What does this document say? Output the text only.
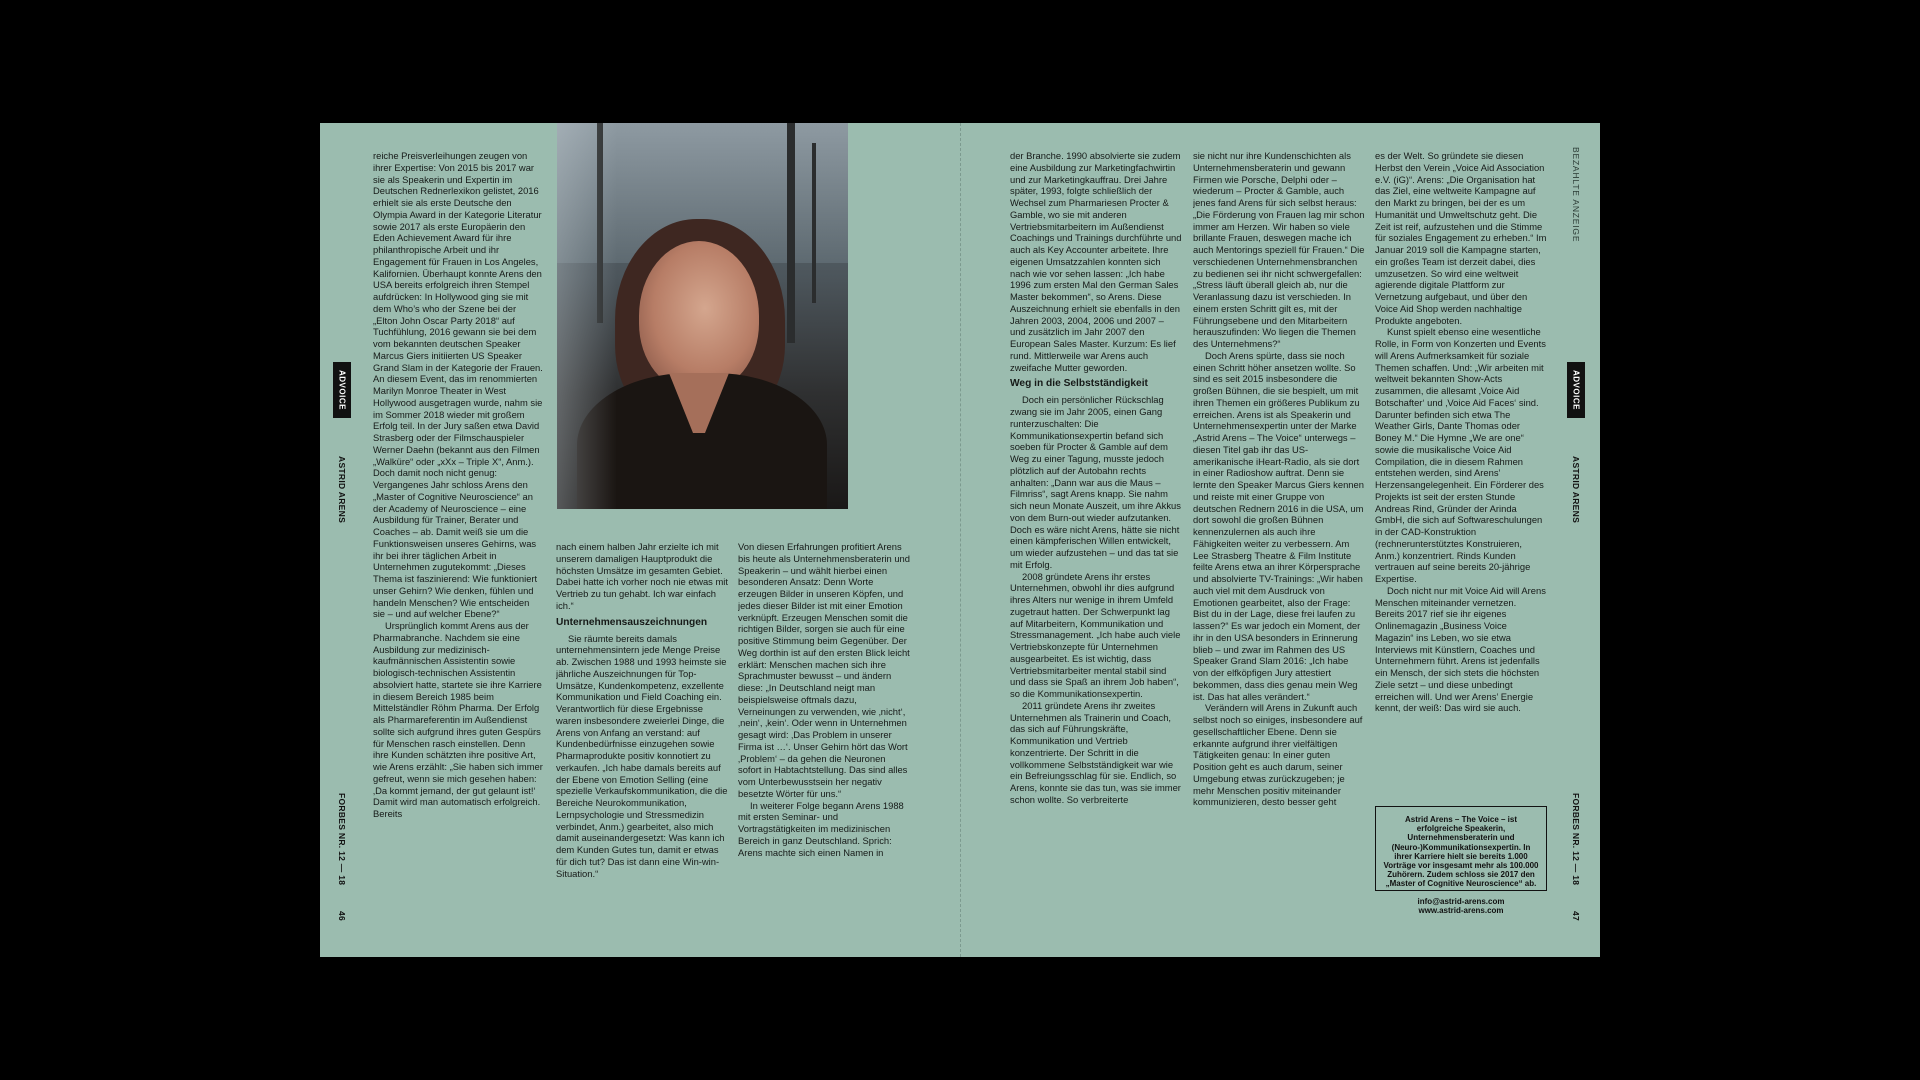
ADVOICE
ASTRID ARENS
FORBES NR. 12 — 18
46
BEZAHLTE ANZEIGE
ADVOICE
ASTRID ARENS
FORBES NR. 12 — 18
47

reiche Preisverleihungen zeugen von ihrer Expertise: Von 2015 bis 2017 war sie als Speakerin und Expertin im Deutschen Rednerlexikon gelistet, 2016 erhielt sie als erste Deutsche den Olympia Award in der Kategorie Literatur sowie 2017 als erste Europäerin den Eden Achievement Award für ihre philanthropische Arbeit und ihr Engagement für Frauen in Los Angeles, Kalifornien. Überhaupt konnte Arens den USA bereits erfolgreich ihren Stempel aufdrücken: In Hollywood ging sie mit dem Who’s who der Szene bei der „Elton John Oscar Party 2018“ auf Tuchfühlung, 2016 gewann sie bei dem vom bekannten deutschen Speaker Marcus Giers initiierten US Speaker Grand Slam in der Kategorie der Frauen. An diesem Event, das im renommierten Marilyn Monroe Theater in West Hollywood ausgetragen wurde, nahm sie im Sommer 2018 wieder mit großem Erfolg teil. In der Jury saßen etwa David Strasberg oder der Filmschauspieler Werner Daehn (bekannt aus den Filmen „Walküre“ oder „xXx – Triple X“, Anm.). Doch damit noch nicht genug: Vergangenes Jahr schloss Arens den „Master of Cognitive Neuroscience“ an der Academy of Neuroscience – eine Ausbildung für Trainer, Berater und Coaches – ab. Damit weiß sie um die Funktionsweisen unseres Gehirns, was ihr bei ihrer täglichen Arbeit in Unternehmen zugutekommt: „Dieses Thema ist faszinierend: Wie funktioniert unser Gehirn? Wie denken, fühlen und handeln Menschen? Wie entscheiden sie – und auf welcher Ebene?“

Ursprünglich kommt Arens aus der Pharmabranche. Nachdem sie eine Ausbildung zur medizinisch-kaufmännischen Assistentin sowie biologisch-technischen Assistentin absolviert hatte, startete sie ihre Karriere in diesem Bereich 1985 beim Mittelständler Röhm Pharma. Der Erfolg als Pharmareferentin im Außendienst sollte sich aufgrund ihres guten Gespürs für Menschen rasch einstellen. Denn ihre Kunden schätzten ihre positive Art, wie Arens erzählt: „Sie haben sich immer gefreut, wenn sie mich gesehen haben: ‚Da kommt jemand, der gut gelaunt ist!‘ Damit wird man automatisch erfolgreich. Bereits

nach einem halben Jahr erzielte ich mit unserem damaligen Hauptprodukt die höchsten Umsätze im gesamten Gebiet. Dabei hatte ich vorher noch nie etwas mit Vertrieb zu tun gehabt. Ich war einfach ich.“

Unternehmensauszeichnungen

Sie räumte bereits damals unternehmensintern jede Menge Preise ab. Zwischen 1988 und 1993 heimste sie jährliche Auszeichnungen für Top-Umsätze, Kundenkompetenz, exzellente Kommunikation und Field Coaching ein. Verantwortlich für diese Ergebnisse waren insbesondere zweierlei Dinge, die Arens von Anfang an verstand: auf Kundenbedürfnisse einzugehen sowie Pharmaprodukte positiv konnotiert zu verkaufen. „Ich habe damals bereits auf der Ebene von Emotion Selling (eine spezielle Verkaufskommunikation, die die Bereiche Neurokommunikation, Lernpsychologie und Stressmedizin verbindet, Anm.) gearbeitet, also mich damit auseinandergesetzt: Was kann ich dem Kunden Gutes tun, damit er etwas für dich tut? Das ist dann eine Win-win-Situation.“

Von diesen Erfahrungen profitiert Arens bis heute als Unternehmensberaterin und Speakerin – und wählt hierbei einen besonderen Ansatz: Denn Worte erzeugen Bilder in unseren Köpfen, und jedes dieser Bilder ist mit einer Emotion verknüpft. Erzeugen Menschen somit die richtigen Bilder, sorgen sie auch für eine positive Stimmung beim Gegenüber. Der Weg dorthin ist auf den ersten Blick leicht erklärt: Menschen machen sich ihre Sprachmuster bewusst – und ändern diese: „In Deutschland neigt man beispielsweise oftmals dazu, Verneinungen zu verwenden, wie ‚nicht‘, ‚nein‘, ‚kein‘. Oder wenn in Unternehmen gesagt wird: ‚Das Problem in unserer Firma ist …‘. Unser Gehirn hört das Wort ‚Problem‘ – da gehen die Neuronen sofort in Habtachtstellung. Das sind alles vom Unterbewusstsein her negativ besetzte Wörter für uns.“

In weiterer Folge begann Arens 1988 mit ersten Seminar- und Vortragstätigkeiten im medizinischen Bereich in ganz Deutschland. Sprich: Arens machte sich einen Namen in

der Branche. 1990 absolvierte sie zudem eine Ausbildung zur Marketingfachwirtin und zur Marketingkauffrau. Drei Jahre später, 1993, folgte schließlich der Wechsel zum Pharmariesen Procter & Gamble, wo sie mit anderen Vertriebsmitarbeitern im Außendienst Coachings und Trainings durchführte und auch als Key Accounter arbeitete. Ihre eigenen Umsatzzahlen konnten sich nach wie vor sehen lassen: „Ich habe 1996 zum ersten Mal den German Sales Master bekommen“, so Arens. Diese Auszeichnung erhielt sie ebenfalls in den Jahren 2003, 2004, 2006 und 2007 – und zusätzlich im Jahr 2007 den European Sales Master. Kurzum: Es lief rund. Mittlerweile war Arens auch zweifache Mutter geworden.

Weg in die Selbstständigkeit

Doch ein persönlicher Rückschlag zwang sie im Jahr 2005, einen Gang runterzuschalten: Die Kommunikationsexpertin befand sich soeben für Procter & Gamble auf dem Weg zu einer Tagung, musste jedoch plötzlich auf der Autobahn rechts anhalten: „Dann war aus die Maus – Filmriss“, sagt Arens knapp. Sie nahm sich neun Monate Auszeit, um ihre Akkus von dem Burn-out wieder aufzutanken. Doch es wäre nicht Arens, hätte sie nicht einen kämpferischen Willen entwickelt, um wieder aufzustehen – und das tat sie mit Erfolg.

2008 gründete Arens ihr erstes Unternehmen, obwohl ihr dies aufgrund ihres Alters nur wenige in ihrem Umfeld zugetraut hatten. Der Schwerpunkt lag auf Mitarbeitern, Kommunikation und Stressmanagement. „Ich habe auch viele Vertriebskonzepte für Unternehmen ausgearbeitet. Es ist wichtig, dass Vertriebsmitarbeiter mental stabil sind und dass sie Spaß an ihrem Job haben“, so die Kommunikationsexpertin.

2011 gründete Arens ihr zweites Unternehmen als Trainerin und Coach, das sich auf Führungskräfte, Kommunikation und Vertrieb konzentrierte. Der Schritt in die vollkommene Selbstständigkeit war wie ein Befreiungsschlag für sie. Endlich, so Arens, konnte sie das tun, was sie immer schon wollte. So verbreiterte

sie nicht nur ihre Kundenschichten als Unternehmensberaterin und gewann Firmen wie Porsche, Delphi oder – wiederum – Procter & Gamble, auch jenes fand Arens für sich selbst heraus: „Die Förderung von Frauen lag mir schon immer am Herzen. Wir haben so viele brillante Frauen, deswegen mache ich auch Mentorings speziell für Frauen.“ Die verschiedenen Unternehmensbranchen zu bedienen sei ihr nicht schwergefallen: „Stress läuft überall gleich ab, nur die Veranlassung dazu ist verschieden. In einem ersten Schritt gilt es, mit der Führungsebene und den Mitarbeitern herauszufinden: Wo liegen die Themen des Unternehmens?“

Doch Arens spürte, dass sie noch einen Schritt höher ansetzen wollte. So sind es seit 2015 insbesondere die großen Bühnen, die sie bespielt, um mit ihren Themen ein größeres Publikum zu erreichen. Arens ist als Speakerin und Unternehmensexpertin unter der Marke „Astrid Arens – The Voice“ unterwegs – diesen Titel gab ihr das US-amerikanische iHeart-Radio, als sie dort in einer Radioshow auftrat. Denn sie lernte den Speaker Marcus Giers kennen und reiste mit einer Gruppe von deutschen Rednern 2016 in die USA, um dort sowohl die großen Bühnen kennenzulernen als auch ihre Fähigkeiten weiter zu verbessern. Am Lee Strasberg Theatre & Film Institute feilte Arens etwa an ihrer Körpersprache und absolvierte TV-Trainings: „Wir haben auch viel mit dem Ausdruck von Emotionen gearbeitet, also der Frage: Bist du in der Lage, diese frei laufen zu lassen?“ Es war jedoch ein Moment, der ihr in den USA besonders in Erinnerung blieb – und zwar im Rahmen des US Speaker Grand Slam 2016: „Ich habe von der elfköpfigen Jury attestiert bekommen, dass dies genau mein Weg ist. Das hat alles verändert.“

Verändern will Arens in Zukunft auch selbst noch so einiges, insbesondere auf gesellschaftlicher Ebene. Denn sie erkannte aufgrund ihrer vielfältigen Tätigkeiten genau: In einer guten Position geht es auch darum, seiner Umgebung etwas zurückzugeben; je mehr Menschen positiv miteinander kommunizieren, desto besser geht

es der Welt. So gründete sie diesen Herbst den Verein „Voice Aid Association e.V. (iG)“. Arens: „Die Organisation hat das Ziel, eine weltweite Kampagne auf den Markt zu bringen, bei der es um Humanität und Umweltschutz geht. Die Zeit ist reif, aufzustehen und die Stimme für soziales Engagement zu erheben.“ Im Januar 2019 soll die Kampagne starten, ein großes Team ist derzeit dabei, dies umzusetzen. So wird eine weltweit agierende digitale Plattform zur Vernetzung aufgebaut, und über den Voice Aid Shop werden nachhaltige Produkte angeboten.

Kunst spielt ebenso eine wesentliche Rolle, in Form von Konzerten und Events will Arens Aufmerksamkeit für soziale Themen schaffen. Und: „Wir arbeiten mit weltweit bekannten Show-Acts zusammen, die allesamt ‚Voice Aid Botschafter‘ und ‚Voice Aid Faces‘ sind. Darunter befinden sich etwa The Weather Girls, Dante Thomas oder Boney M.“ Die Hymne „We are one“ sowie die musikalische Voice Aid Compilation, die in diesem Rahmen entstehen werden, sind Arens’ Herzensangelegenheit. Ein Förderer des Projekts ist seit der ersten Stunde Andreas Rind, Gründer der Arinda GmbH, die sich auf Softwareschulungen in der CAD-Konstruktion (rechnerunterstütztes Konstruieren, Anm.) konzentriert. Rinds Kunden vertrauen auf seine bereits 20-jährige Expertise.

Doch nicht nur mit Voice Aid will Arens Menschen miteinander vernetzen. Bereits 2017 rief sie ihr eigenes Onlinemagazin „Business Voice Magazin“ ins Leben, wo sie etwa Interviews mit Künstlern, Coaches und Unternehmern führt. Arens ist jedenfalls ein Mensch, der sich stets die höchsten Ziele setzt – und diese unbedingt erreichen will. Und wer Arens’ Energie kennt, der weiß: Das wird sie auch.

Astrid Arens – The Voice – ist erfolgreiche Speakerin, Unternehmensberaterin und (Neuro-)Kommunikationsexpertin. In ihrer Karriere hielt sie bereits 1.000 Vorträge vor insgesamt mehr als 100.000 Zuhörern. Zudem schloss sie 2017 den „Master of Cognitive Neuroscience“ ab.
info@astrid-arens.com
www.astrid-arens.com
